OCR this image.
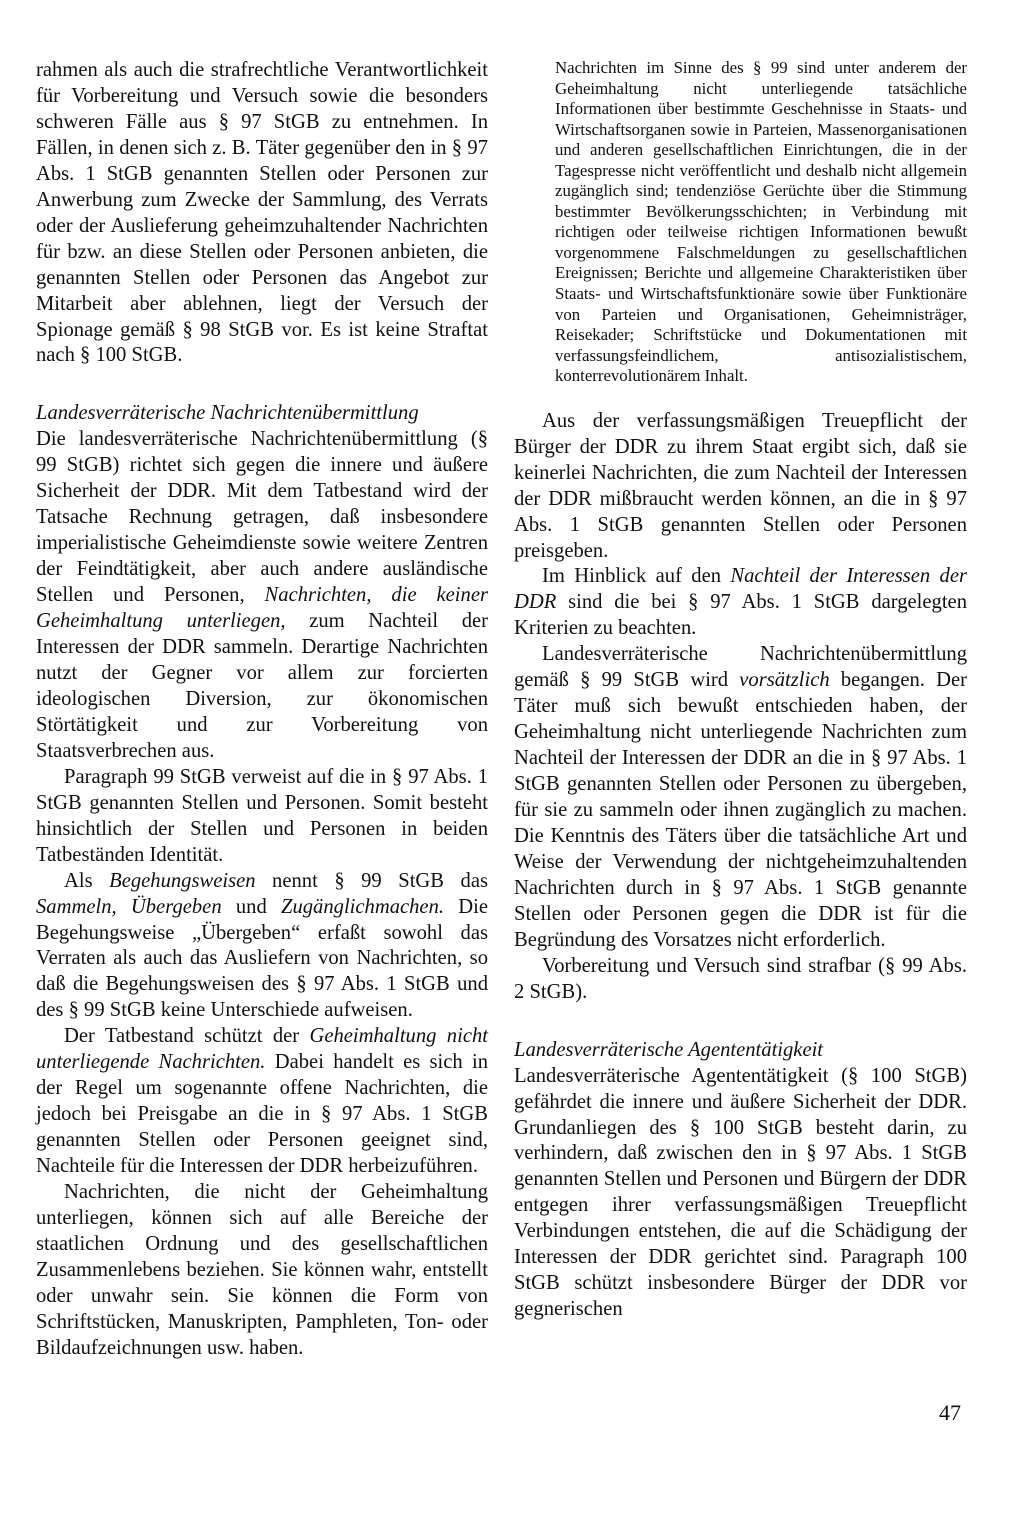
rahmen als auch die strafrechtliche Verantwortlichkeit für Vorbereitung und Versuch sowie die besonders schweren Fälle aus § 97 StGB zu entnehmen. In Fällen, in denen sich z. B. Täter gegenüber den in § 97 Abs. 1 StGB genannten Stellen oder Personen zur Anwerbung zum Zwecke der Sammlung, des Verrats oder der Auslieferung geheimzuhaltender Nachrichten für bzw. an diese Stellen oder Personen anbieten, die genannten Stellen oder Personen das Angebot zur Mitarbeit aber ablehnen, liegt der Versuch der Spionage gemäß § 98 StGB vor. Es ist keine Straftat nach § 100 StGB.

Landesverräterische Nachrichtenübermittlung

Die landesverräterische Nachrichtenübermittlung (§ 99 StGB) richtet sich gegen die innere und äußere Sicherheit der DDR. Mit dem Tatbestand wird der Tatsache Rechnung getragen, daß insbesondere imperialistische Geheimdienste sowie weitere Zentren der Feindtätigkeit, aber auch andere ausländische Stellen und Personen, Nachrichten, die keiner Geheimhaltung unterliegen, zum Nachteil der Interessen der DDR sammeln. Derartige Nachrichten nutzt der Gegner vor allem zur forcierten ideologischen Diversion, zur ökonomischen Störtätigkeit und zur Vorbereitung von Staatsverbrechen aus.

Paragraph 99 StGB verweist auf die in § 97 Abs. 1 StGB genannten Stellen und Personen. Somit besteht hinsichtlich der Stellen und Personen in beiden Tatbeständen Identität.

Als Begehungsweisen nennt § 99 StGB das Sammeln, Übergeben und Zugänglichmachen. Die Begehungsweise „Übergeben“ erfaßt sowohl das Verraten als auch das Ausliefern von Nachrichten, so daß die Begehungsweisen des § 97 Abs. 1 StGB und des § 99 StGB keine Unterschiede aufweisen.

Der Tatbestand schützt der Geheimhaltung nicht unterliegende Nachrichten. Dabei handelt es sich in der Regel um sogenannte offene Nachrichten, die jedoch bei Preisgabe an die in § 97 Abs. 1 StGB genannten Stellen oder Personen geeignet sind, Nachteile für die Interessen der DDR herbeizuführen.

Nachrichten, die nicht der Geheimhaltung unterliegen, können sich auf alle Bereiche der staatlichen Ordnung und des gesellschaftlichen Zusammenlebens beziehen. Sie können wahr, entstellt oder unwahr sein. Sie können die Form von Schriftstücken, Manuskripten, Pamphleten, Ton- oder Bildaufzeichnungen usw. haben.

Nachrichten im Sinne des § 99 sind unter anderem der Geheimhaltung nicht unterliegende tatsächliche Informationen über bestimmte Geschehnisse in Staats- und Wirtschaftsorganen sowie in Parteien, Massenorganisationen und anderen gesellschaftlichen Einrichtungen, die in der Tagespresse nicht veröffentlicht und deshalb nicht allgemein zugänglich sind; tendenziöse Gerüchte über die Stimmung bestimmter Bevölkerungsschichten; in Verbindung mit richtigen oder teilweise richtigen Informationen bewußt vorgenommene Falschmeldungen zu gesellschaftlichen Ereignissen; Berichte und allgemeine Charakteristiken über Staats- und Wirtschaftsfunktionäre sowie über Funktionäre von Parteien und Organisationen, Geheimnisträger, Reisekader; Schriftstücke und Dokumentationen mit verfassungsfeindlichem, antisozialistischem, konterrevolutionärem Inhalt.

Aus der verfassungsmäßigen Treuepflicht der Bürger der DDR zu ihrem Staat ergibt sich, daß sie keinerlei Nachrichten, die zum Nachteil der Interessen der DDR mißbraucht werden können, an die in § 97 Abs. 1 StGB genannten Stellen oder Personen preisgeben.

Im Hinblick auf den Nachteil der Interessen der DDR sind die bei § 97 Abs. 1 StGB dargelegten Kriterien zu beachten.

Landesverräterische Nachrichtenübermittlung gemäß § 99 StGB wird vorsätzlich begangen. Der Täter muß sich bewußt entschieden haben, der Geheimhaltung nicht unterliegende Nachrichten zum Nachteil der Interessen der DDR an die in § 97 Abs. 1 StGB genannten Stellen oder Personen zu übergeben, für sie zu sammeln oder ihnen zugänglich zu machen. Die Kenntnis des Täters über die tatsächliche Art und Weise der Verwendung der nichtgeheimzuhaltenden Nachrichten durch in § 97 Abs. 1 StGB genannte Stellen oder Personen gegen die DDR ist für die Begründung des Vorsatzes nicht erforderlich.

Vorbereitung und Versuch sind strafbar (§ 99 Abs. 2 StGB).

Landesverräterische Agententätigkeit

Landesverräterische Agententätigkeit (§ 100 StGB) gefährdet die innere und äußere Sicherheit der DDR. Grundanliegen des § 100 StGB besteht darin, zu verhindern, daß zwischen den in § 97 Abs. 1 StGB genannten Stellen und Personen und Bürgern der DDR entgegen ihrer verfassungsmäßigen Treuepflicht Verbindungen entstehen, die auf die Schädigung der Interessen der DDR gerichtet sind. Paragraph 100 StGB schützt insbesondere Bürger der DDR vor gegnerischen

47
